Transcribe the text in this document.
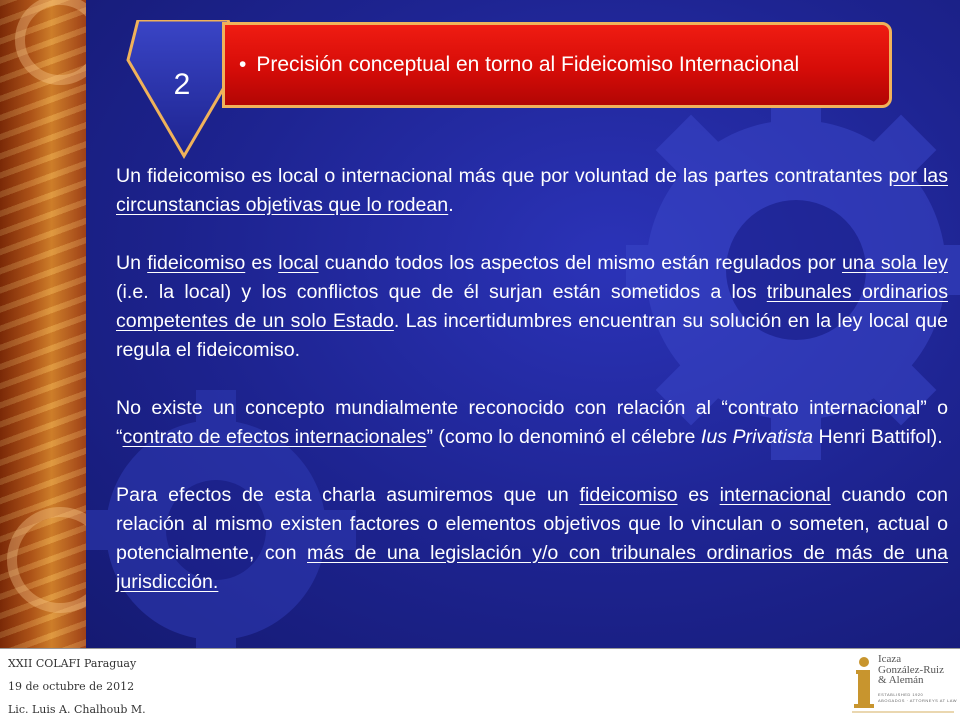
2
• Precisión conceptual en torno al Fideicomiso Internacional

Un fideicomiso es local o internacional más que por voluntad de las partes contratantes por las circunstancias objetivas que lo rodean.

Un fideicomiso es local cuando todos los aspectos del mismo están regulados por una sola ley (i.e. la local) y los conflictos que de él surjan están sometidos a los tribunales ordinarios competentes de un solo Estado. Las incertidumbres encuentran su solución en la ley local que regula el fideicomiso.

No existe un concepto mundialmente reconocido con relación al “contrato internacional” o “contrato de efectos internacionales” (como lo denominó el célebre Ius Privatista Henri Battifol).

Para efectos de esta charla asumiremos que un fideicomiso es internacional cuando con relación al mismo existen factores o elementos objetivos que lo vinculan o someten, actual o potencialmente, con más de una legislación y/o con tribunales ordinarios de más de una jurisdicción.

XXII COLAFI Paraguay
19 de octubre de 2012
Lic. Luis A. Chalhoub M.
Icaza
González-Ruiz
& Alemán
ESTABLISHED 1920
ABOGADOS · ATTORNEYS AT LAW
